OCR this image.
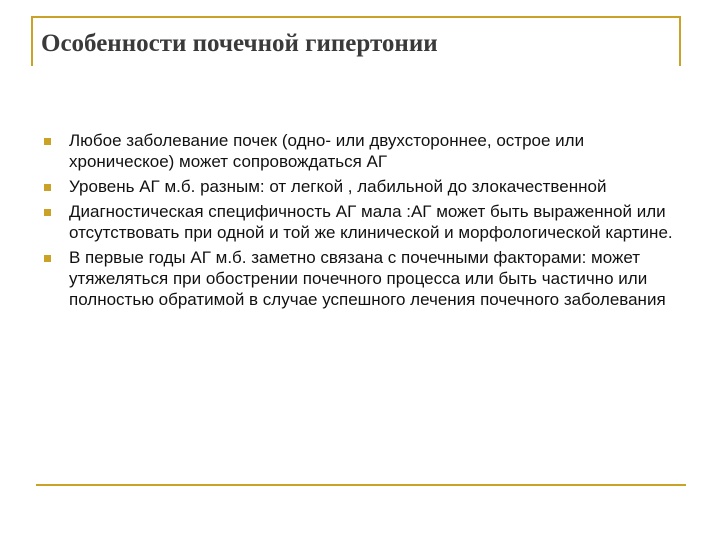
Особенности почечной гипертонии
Любое заболевание почек (одно- или двухстороннее, острое или хроническое) может сопровождаться АГ
Уровень АГ м.б. разным: от легкой , лабильной до злокачественной
Диагностическая специфичность АГ мала :АГ может быть выраженной или отсутствовать при одной и той же клинической и морфологической картине.
В первые годы АГ м.б. заметно связана с почечными факторами: может утяжеляться при обострении почечного процесса или быть частично или полностью обратимой в случае успешного лечения почечного заболевания
